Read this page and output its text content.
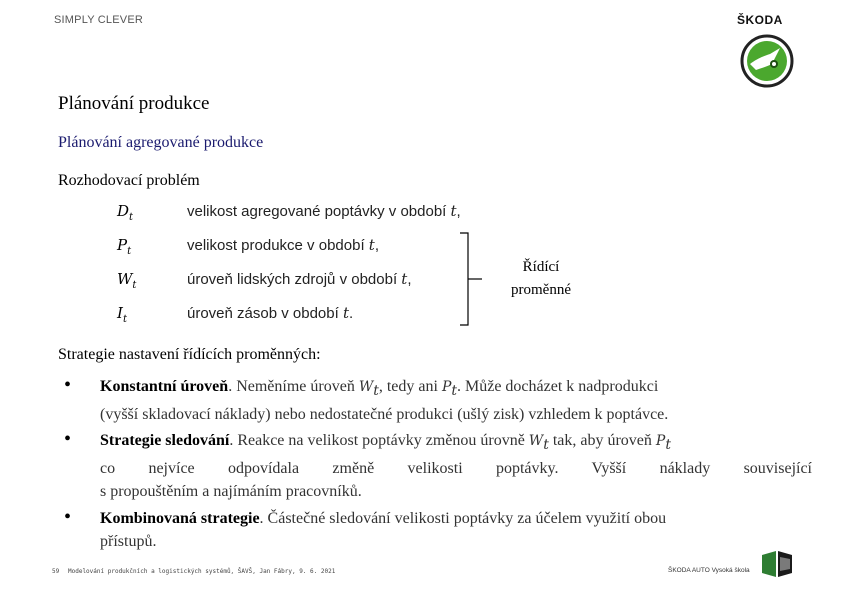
SIMPLY CLEVER	ŠKODA
Plánování produkce
Plánování agregované produkce
Rozhodovací problém
$D_t$	velikost agregované poptávky v období t,
$P_t$	velikost produkce v období t,
$W_t$	úroveň lidských zdrojů v období t,
$I_t$	úroveň zásob v období t.
Řídící
proměnné
Strategie nastavení řídících proměnných:
• Konstantní úroveň. Neměníme úroveň $W_t$, tedy ani $P_t$. Může docházet k nadprodukci
(vyšší skladovací náklady) nebo nedostatečné produkci (ušlý zisk) vzhledem k poptávce.
• Strategie sledování. Reakce na velikost poptávky změnou úrovně $W_t$ tak, aby úroveň $P_t$
co nejvíce odpovídala změně velikosti poptávky. Vyšší náklady související
s propouštěním a najímáním pracovníků.
• Kombinovaná strategie. Částečné sledování velikosti poptávky za účelem využití obou
přístupů.
59 Modelování produkčních a logistických systémů, ŠAVŠ, Jan Fábry, 9. 6. 2021	ŠKODA AUTO Vysoká škola
